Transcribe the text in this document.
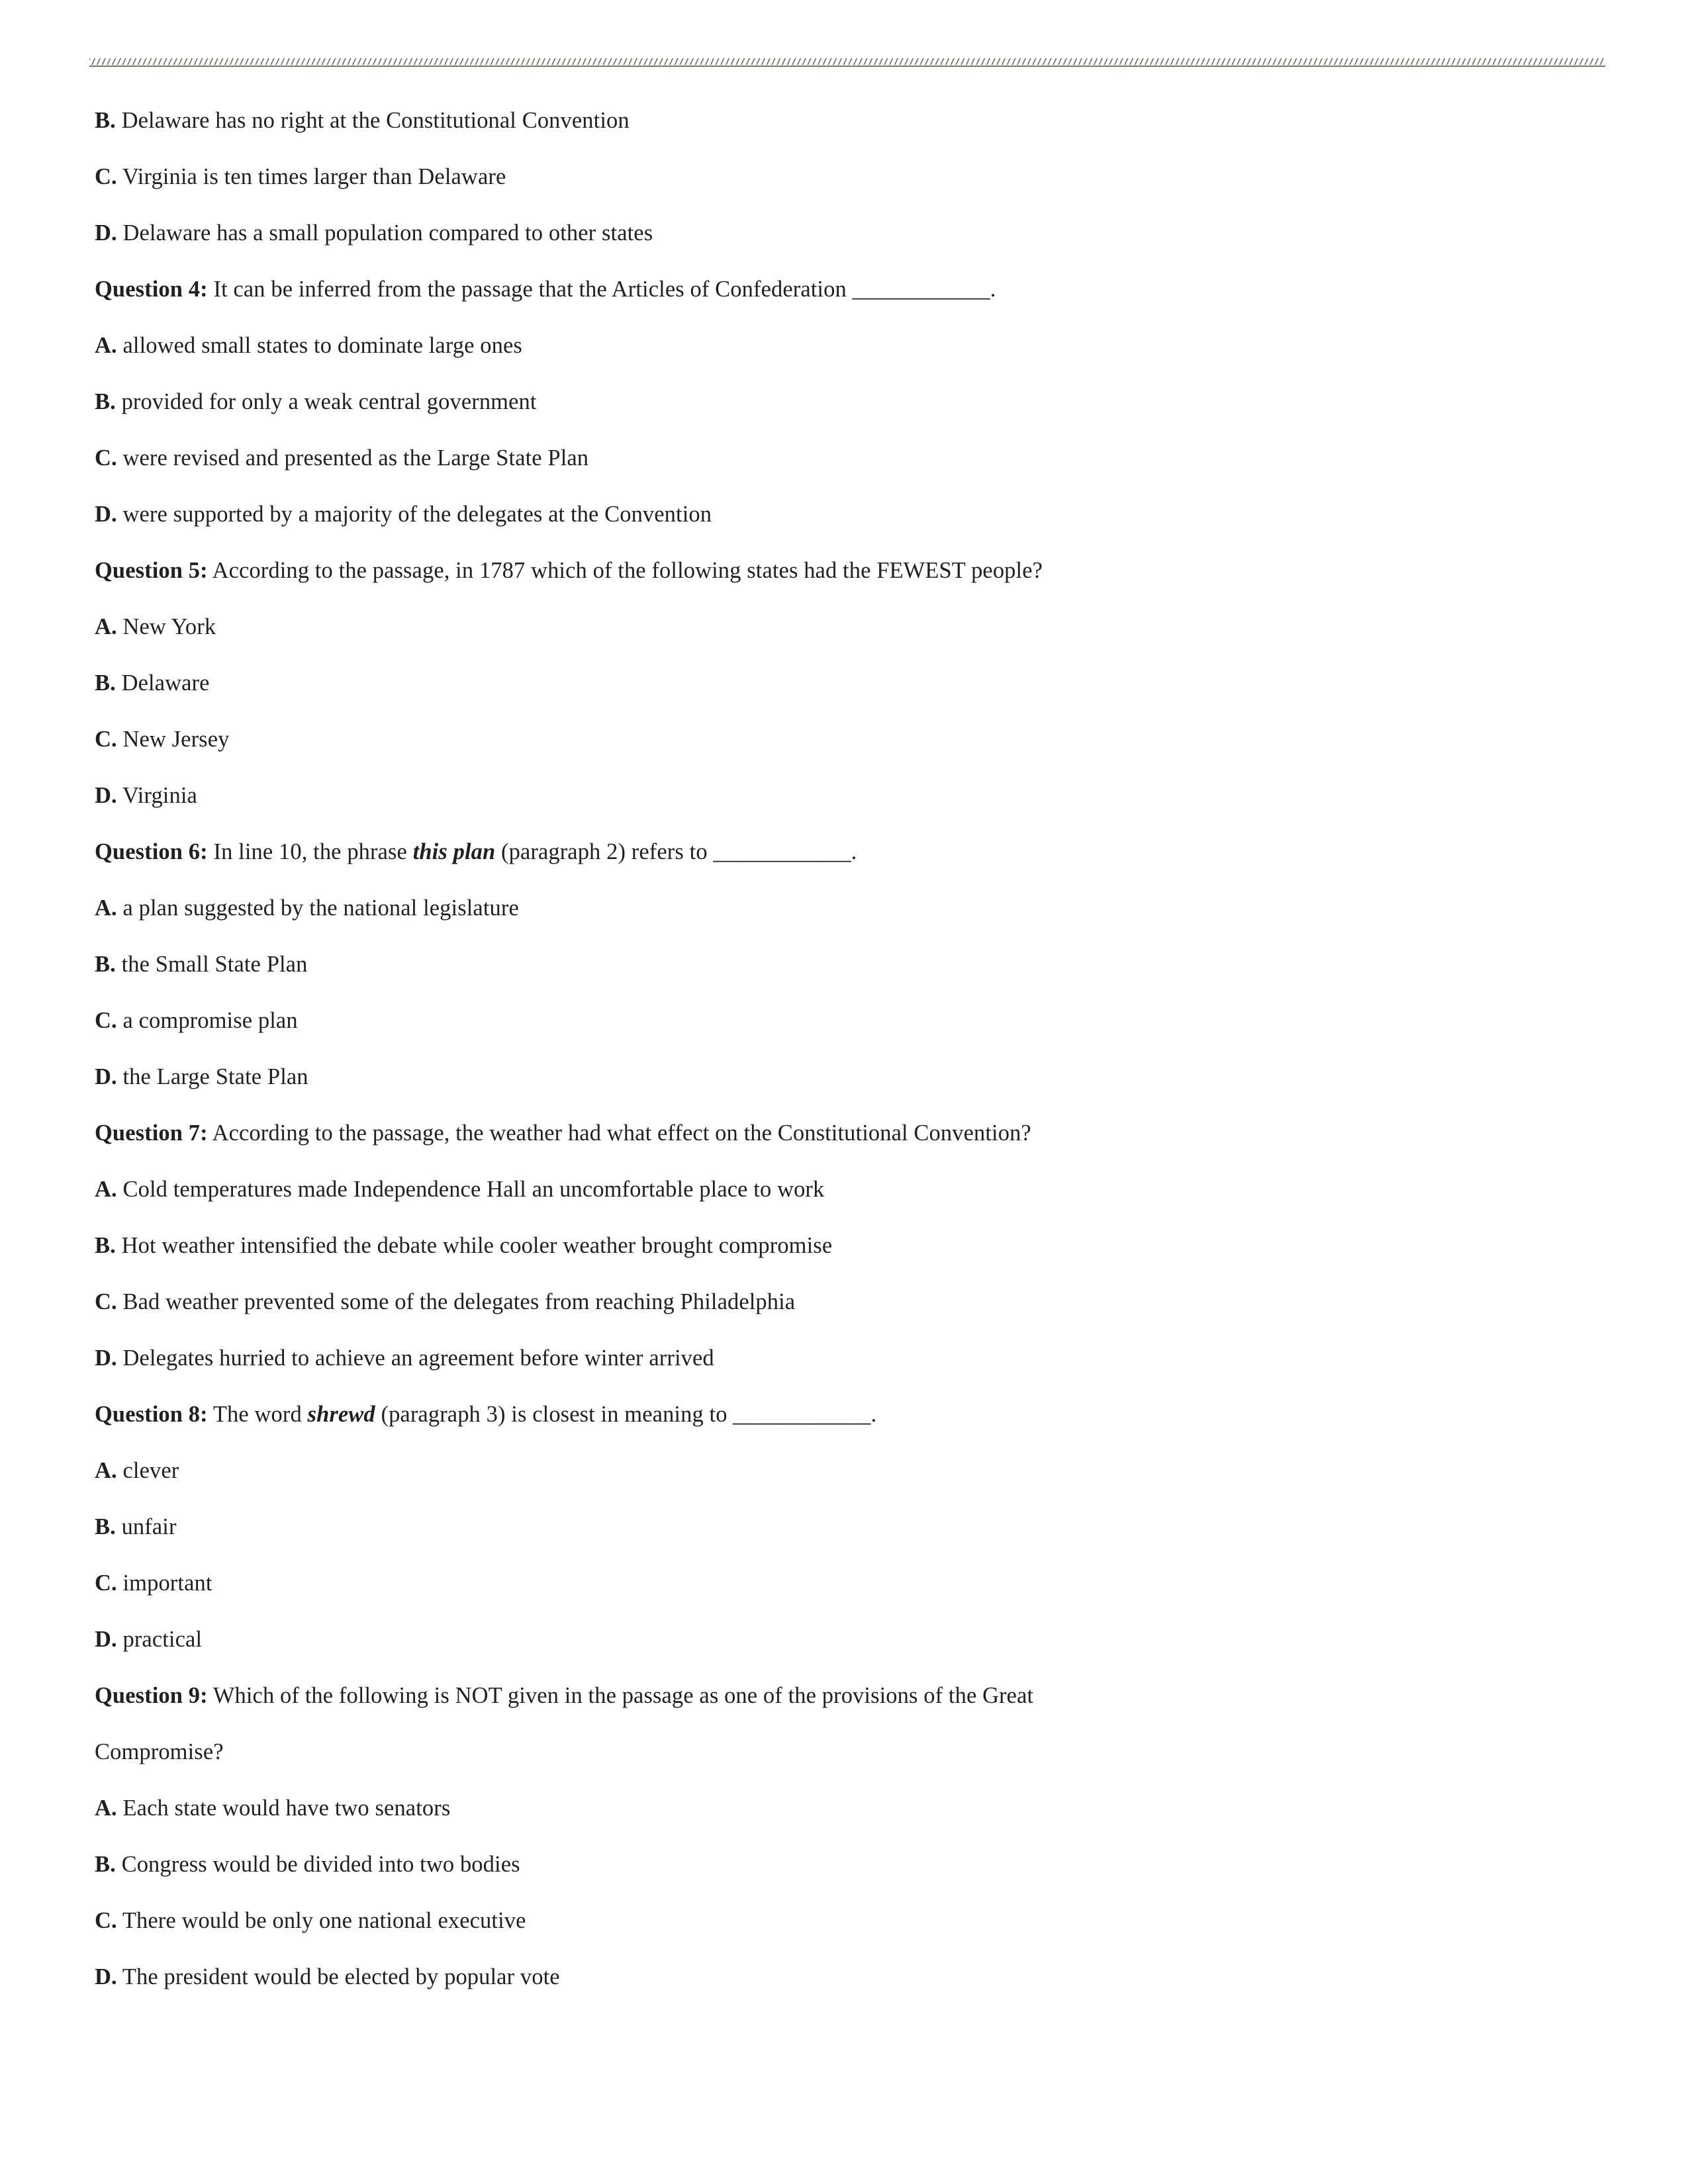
B. Delaware has no right at the Constitutional Convention
C. Virginia is ten times larger than Delaware
D. Delaware has a small population compared to other states
Question 4: It can be inferred from the passage that the Articles of Confederation ____________.
A. allowed small states to dominate large ones
B. provided for only a weak central government
C. were revised and presented as the Large State Plan
D. were supported by a majority of the delegates at the Convention
Question 5: According to the passage, in 1787 which of the following states had the FEWEST people?
A. New York
B. Delaware
C. New Jersey
D. Virginia
Question 6: In line 10, the phrase this plan (paragraph 2) refers to ____________.
A. a plan suggested by the national legislature
B. the Small State Plan
C. a compromise plan
D. the Large State Plan
Question 7: According to the passage, the weather had what effect on the Constitutional Convention?
A. Cold temperatures made Independence Hall an uncomfortable place to work
B. Hot weather intensified the debate while cooler weather brought compromise
C. Bad weather prevented some of the delegates from reaching Philadelphia
D. Delegates hurried to achieve an agreement before winter arrived
Question 8: The word shrewd (paragraph 3) is closest in meaning to ____________.
A. clever
B. unfair
C. important
D. practical
Question 9: Which of the following is NOT given in the passage as one of the provisions of the Great
Compromise?
A. Each state would have two senators
B. Congress would be divided into two bodies
C. There would be only one national executive
D. The president would be elected by popular vote
